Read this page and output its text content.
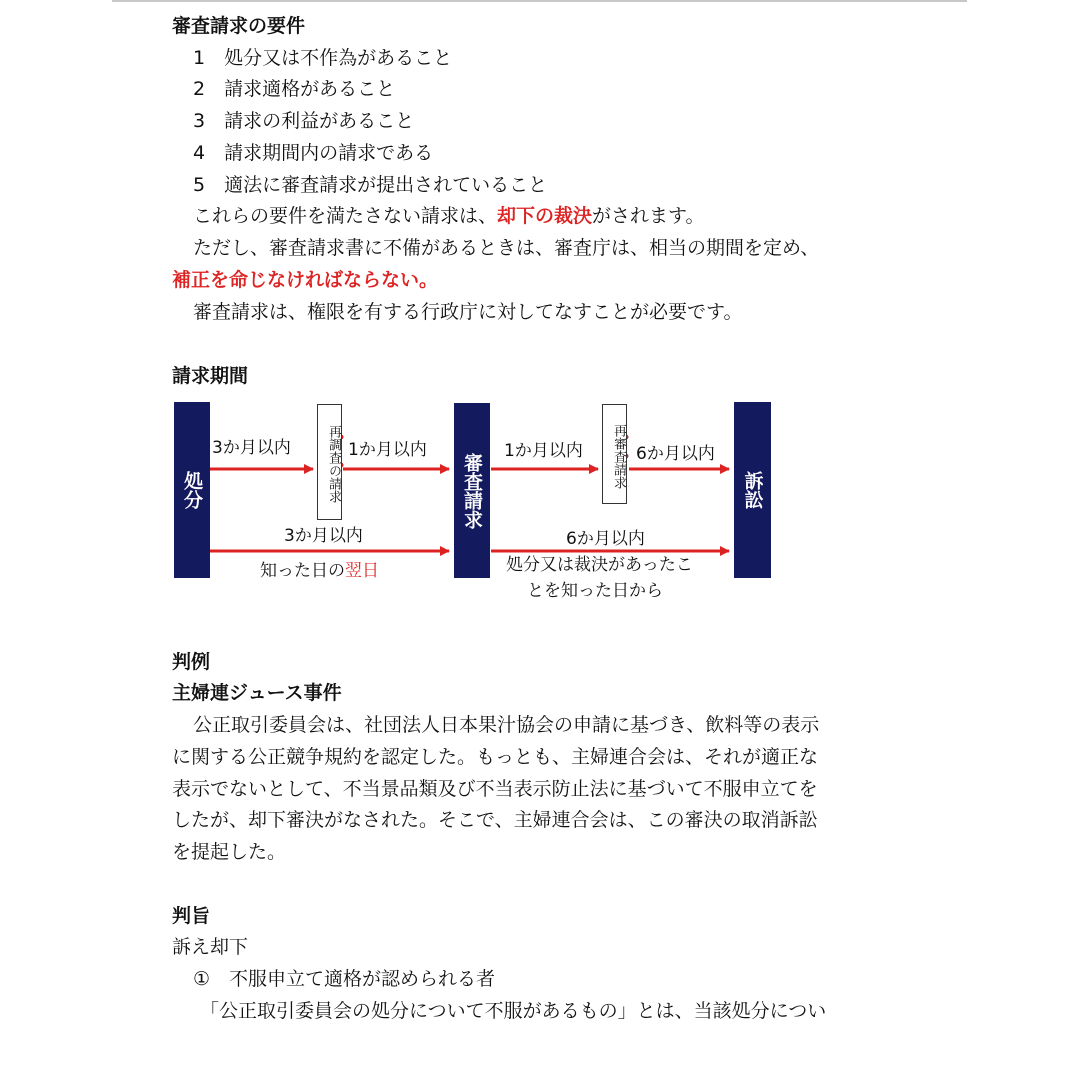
審査請求の要件
1　処分又は不作為があること
2　請求適格があること
3　請求の利益があること
4　請求期間内の請求である
5　適法に審査請求が提出されていること
これらの要件を満たさない請求は、却下の裁決がされます。
ただし、審査請求書に不備があるときは、審査庁は、相当の期間を定め、
補正を命じなければならない。
審査請求は、権限を有する行政庁に対してなすことが必要です。
請求期間
処分	再調査の請求	審査請求	再審査請求
訴訟
3か月以内	1か月以内	1か月以内	6か月以内
3か月以内
知った日の翌日
6か月以内
処分又は裁決があったこ
とを知った日から
判例
主婦連ジュース事件
公正取引委員会は、社団法人日本果汁協会の申請に基づき、飲料等の表示
に関する公正競争規約を認定した。もっとも、主婦連合会は、それが適正な
表示でないとして、不当景品類及び不当表示防止法に基づいて不服申立てを
したが、却下審決がなされた。そこで、主婦連合会は、この審決の取消訴訟
を提起した。
判旨
訴え却下
①　不服申立て適格が認められる者
「公正取引委員会の処分について不服があるもの」とは、当該処分につい
